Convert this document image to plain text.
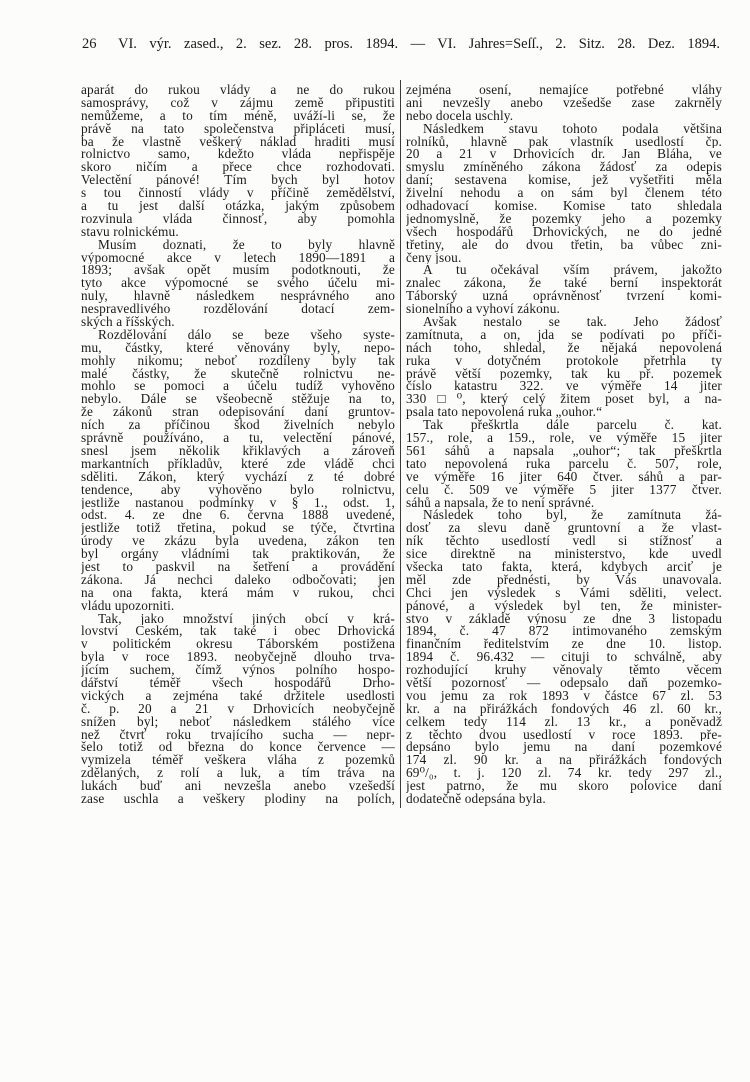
26 VI. výr. zased., 2. sez. 28. pros. 1894. — VI. Jahres=Seſſ., 2. Sitz. 28. Dez. 1894.
aparát do rukou vlády a ne do rukou
samosprávy, což v zájmu země připustiti
nemůžeme, a to tím méně, uváží-li se, že
právě na tato společenstva připláceti musí,
ba že vlastně veškerý náklad hraditi musí
rolnictvo samo, kdežto vláda nepřispěje
skoro ničím a přece chce rozhodovati.
Velectění pánové! Tím bych byl hotov
s tou činností vlády v příčině zemědělství,
a tu jest další otázka, jakým způsobem
rozvinula vláda činnosť, aby pomohla
stavu rolnickému.
Musím doznati, že to byly hlavně
výpomocné akce v letech 1890—1891 a
1893; avšak opět musím podotknouti, že
tyto akce výpomocné se svého účelu mi-
nuly, hlavně následkem nesprávného ano
nespravedlivého rozdělování dotací zem-
ských a říšských.
Rozdělování dálo se beze všeho syste-
mu, částky, které věnovány byly, nepo-
mohly nikomu; neboť rozdíleny byly tak
malé částky, že skutečně rolnictvu ne-
mohlo se pomoci a účelu tudíž vyhověno
nebylo. Dále se všeobecně stěžuje na to,
že zákonů stran odepisování daní gruntov-
ních za příčinou škod živelních nebylo
správně používáno, a tu, velectění pánové,
snesl jsem několik křiklavých a zároveň
markantních příkladův, které zde vládě chci
sděliti. Zákon, který vychází z té dobré
tendence, aby vyhověno bylo rolnictvu,
jestliže nastanou podmínky v § 1., odst. 1,
odst. 4. ze dne 6. června 1888 uvedené,
jestliže totiž třetina, pokud se týče, čtvrtina
úrody ve zkázu byla uvedena, zákon ten
byl orgány vládními tak praktikován, že
jest to paskvil na šetření a provádění
zákona. Já nechci daleko odbočovati; jen
na ona fakta, která mám v rukou, chci
vládu upozorniti.
Tak, jako množství jiných obcí v krá-
lovství Českém, tak také i obec Drhovická
v politickém okresu Táborském postižena
byla v roce 1893. neobyčejně dlouho trva-
jícím suchem, čímž výnos polního hospo-
dářství téměř všech hospodářů Drho-
vických a zejména také držitele usedlosti
č. p. 20 a 21 v Drhovicích neobyčejně
snížen byl; neboť následkem stálého více
než čtvrť roku trvajícího sucha — nepr-
šelo totiž od března do konce července —
vymizela téměř veškera vláha z pozemků
zdělaných, z rolí a luk, a tím tráva na
lukách buď ani nevzešla anebo vzešedší
zase uschla a veškery plodiny na polích,
zejména osení, nemajíce potřebné vláhy
ani nevzešly anebo vzešedše zase zakrněly
nebo docela uschly.
Následkem stavu tohoto podala většina
rolníků, hlavně pak vlastník usedlostí čp.
20 a 21 v Drhovicích dr. Jan Bláha, ve
smyslu zmíněného zákona žádosť za odepis
daní; sestavena komise, jež vyšetřiti měla
živelní nehodu a on sám byl členem této
odhadovací komise. Komise tato shledala
jednomyslně, že pozemky jeho a pozemky
všech hospodářů Drhovických, ne do jedné
třetiny, ale do dvou třetin, ba vůbec zni-
čeny jsou.
A tu očekával vším právem, jakožto
znalec zákona, že také berní inspektorát
Táborský uzná oprávněnosť tvrzení komi-
sionelního a vyhoví zákonu.
Avšak nestalo se tak. Jeho žádosť
zamítnuta, a on, jda se podívati po příči-
nách toho, shledal, že nějaká nepovolená
ruka v dotyčném protokole přetrhla ty
právě větší pozemky, tak ku př. pozemek
číslo katastru 322. ve výměře 14 jiter
330□⁰, který celý žitem poset byl, a na-
psala tato nepovolená ruka „ouhor.“
Tak přeškrtla dále parcelu č. kat.
157., role, a 159., role, ve výměře 15 jiter
561 sáhů a napsala „ouhor“; tak přeškrtla
tato nepovolená ruka parcelu č. 507, role,
ve výměře 16 jiter 640 čtver. sáhů a par-
celu č. 509 ve výměře 5 jiter 1377 čtver.
sáhů a napsala, že to není správné.
Následek toho byl, že zamítnuta žá-
dosť za slevu daně gruntovní a že vlast-
ník těchto usedlostí vedl si stížnosť a
sice direktně na ministerstvo, kde uvedl
všecka tato fakta, která, kdybych arciť je
měl zde přednésti, by Vás unavovala.
Chci jen výsledek s Vámi sděliti, velect.
pánové, a výsledek byl ten, že minister-
stvo v základě výnosu ze dne 3 listopadu
1894, č. 47 872 intimovaného zemským
finančním ředitelstvím ze dne 10. listop.
1894 č. 96.432 — cituji to schválně, aby
rozhodující kruhy věnovaly těmto věcem
větší pozornosť — odepsalo daň pozemko-
vou jemu za rok 1893 v částce 67 zl. 53
kr. a na přirážkách fondových 46 zl. 60 kr.,
celkem tedy 114 zl. 13 kr., a poněvadž
z těchto dvou usedlostí v roce 1893. pře-
depsáno bylo jemu na daní pozemkové
174 zl. 90 kr. a na přirážkách fondových
69⁰/₀, t. j. 120 zl. 74 kr. tedy 297 zl.,
jest patrno, že mu skoro polovice daní
dodatečně odepsána byla.
